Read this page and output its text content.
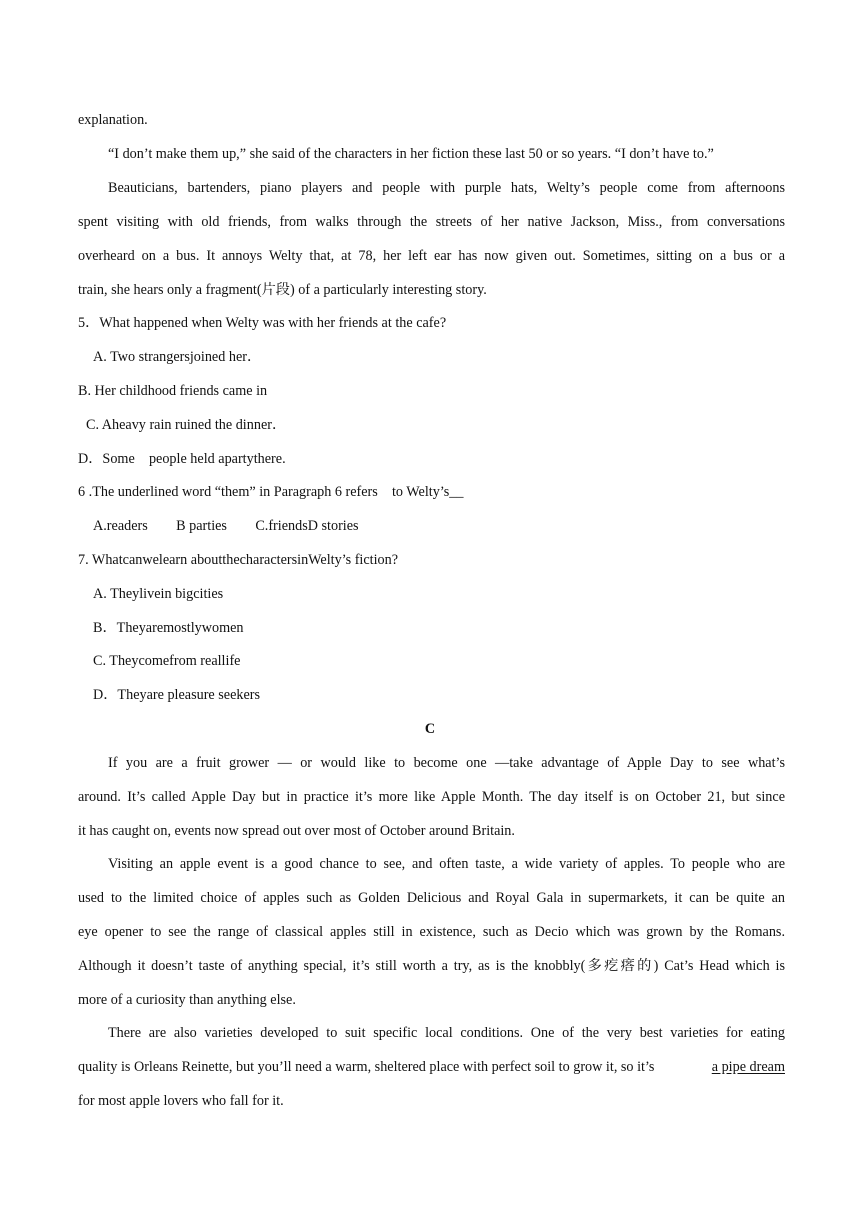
explanation.
“I don’t make them up,” she said of the characters in her fiction these last 50 or so years. “I don’t have to.”
Beauticians, bartenders, piano players and people with purple hats, Welty’s people come from afternoons
spent visiting with old friends, from walks through the streets of her native Jackson, Miss., from conversations
overheard on a bus. It annoys Welty that, at 78, her left ear has now given out. Sometimes, sitting on a bus or a
train, she hears only a fragment(片段) of a particularly interesting story.
5．What happened when Welty was with her friends at the cafe?
A. Two strangersjoined her．
B. Her childhood friends came in
C. Aheavy rain ruined the dinner．
D．Some    people held apartythere.
6 .The underlined word “them” in Paragraph 6 refers    to Welty’s__
A.readers        B parties        C.friendsD stories
7. Whatcanwelearn aboutthecharactersinWelty’s fiction?
A. Theylivein bigcities
B．Theyaremostlywomen
C. Theycomefrom reallife
D．Theyare pleasure seekers
C
If you are a fruit grower — or would like to become one —take advantage of Apple Day to see what’s
around. It’s called Apple Day but in practice it’s more like Apple Month. The day itself is on October 21, but since
it has caught on, events now spread out over most of October around Britain.
Visiting an apple event is a good chance to see, and often taste, a wide variety of apples. To people who are
used to the limited choice of apples such as Golden Delicious and Royal Gala in supermarkets, it can be quite an
eye opener to see the range of classical apples still in existence, such as Decio which was grown by the Romans.
Although it doesn’t taste of anything special, it’s still worth a try, as is the knobbly(多疙瘩的) Cat’s Head which is
more of a curiosity than anything else.
There are also varieties developed to suit specific local conditions. One of the very best varieties for eating
quality is Orleans Reinette, but you’ll need a warm, sheltered place with perfect soil to grow it, so it’s	a pipe dream
for most apple lovers who fall for it.
